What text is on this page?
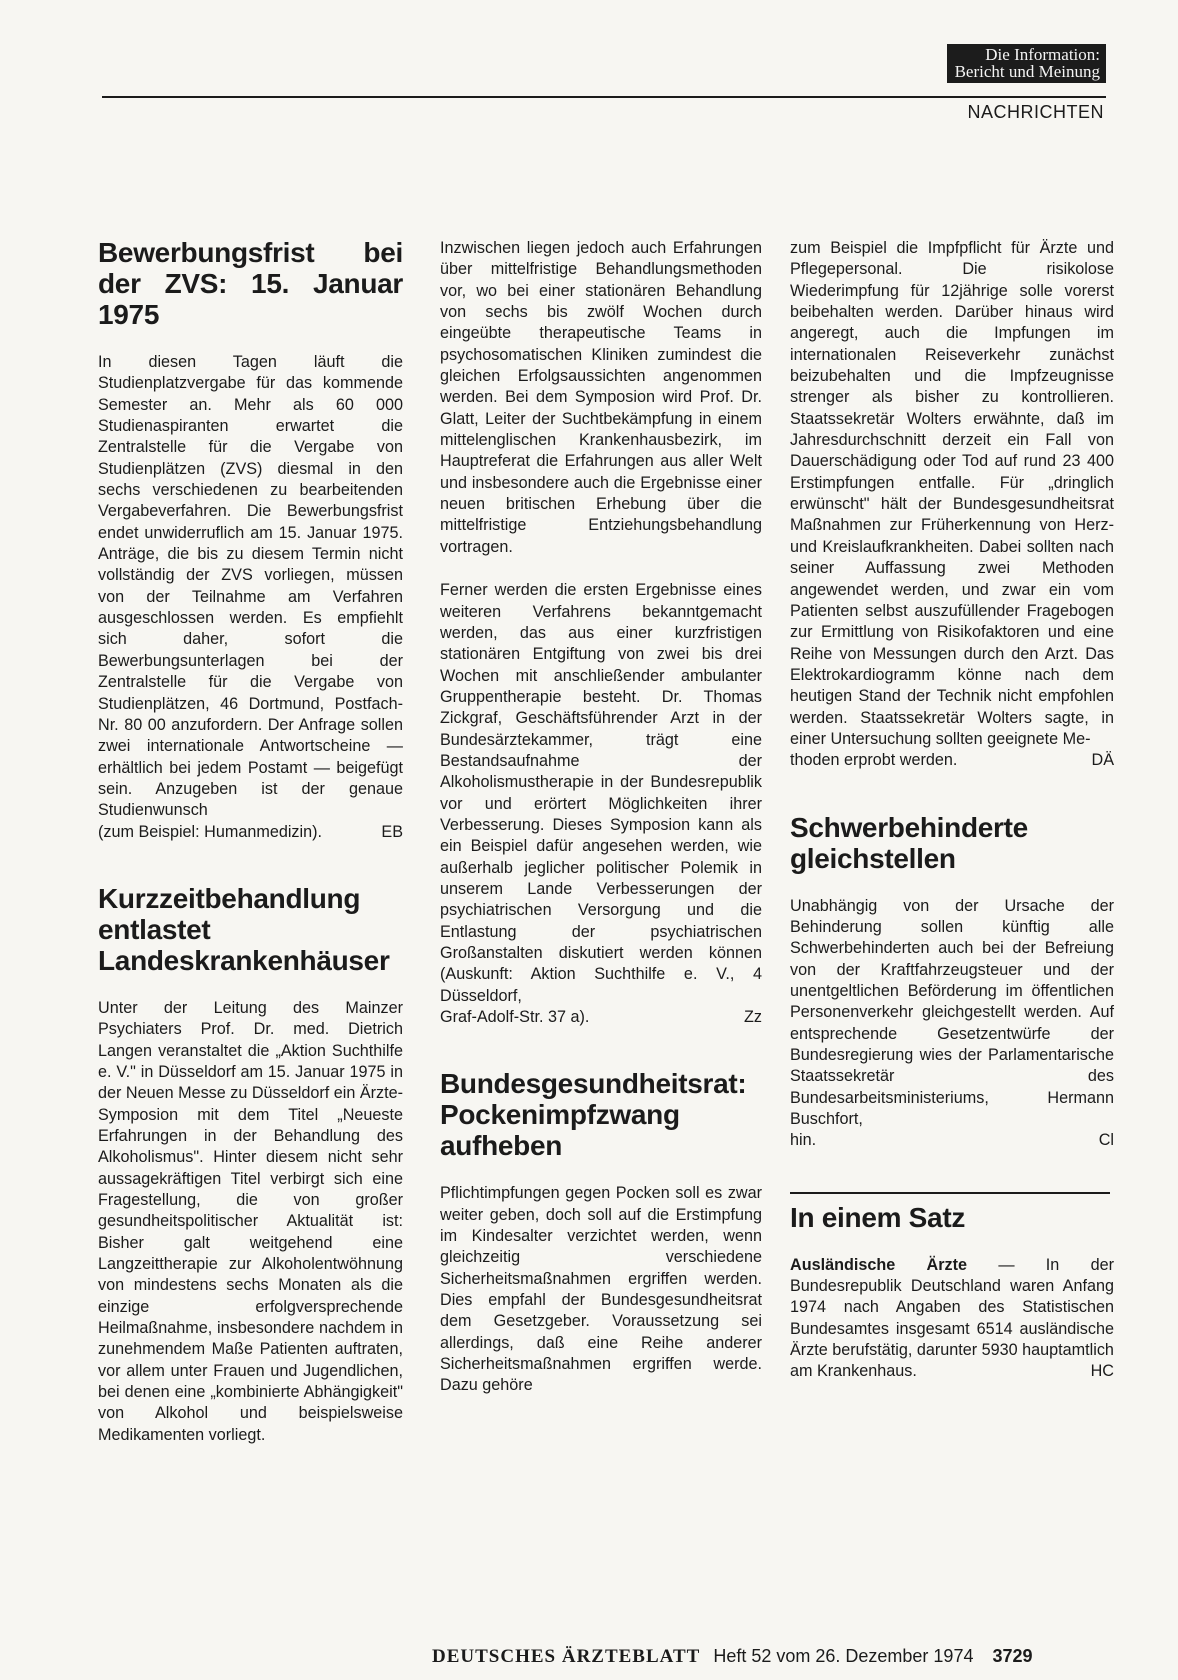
Die Information:
Bericht und Meinung
NACHRICHTEN
Bewerbungsfrist bei der ZVS: 15. Januar 1975

In diesen Tagen läuft die Studienplatzvergabe für das kommende Semester an. Mehr als 60 000 Studienaspiranten erwartet die Zentralstelle für die Vergabe von Studienplätzen (ZVS) diesmal in den sechs verschiedenen zu bearbeitenden Vergabeverfahren. Die Bewerbungsfrist endet unwiderruflich am 15. Januar 1975. Anträge, die bis zu diesem Termin nicht vollständig der ZVS vorliegen, müssen von der Teilnahme am Verfahren ausgeschlossen werden. Es empfiehlt sich daher, sofort die Bewerbungsunterlagen bei der Zentralstelle für die Vergabe von Studienplätzen, 46 Dortmund, Postfach-Nr. 80 00 anzufordern. Der Anfrage sollen zwei internationale Antwortscheine — erhältlich bei jedem Postamt — beigefügt sein. Anzugeben ist der genaue Studienwunsch

(zum Beispiel: Humanmedizin).	EB
Kurzzeitbehandlung entlastet Landeskrankenhäuser

Unter der Leitung des Mainzer Psychiaters Prof. Dr. med. Dietrich Langen veranstaltet die „Aktion Suchthilfe e. V." in Düsseldorf am 15. Januar 1975 in der Neuen Messe zu Düsseldorf ein Ärzte-Symposion mit dem Titel „Neueste Erfahrungen in der Behandlung des Alkoholismus". Hinter diesem nicht sehr aussagekräftigen Titel verbirgt sich eine Fragestellung, die von großer gesundheitspolitischer Aktualität ist: Bisher galt weitgehend eine Langzeittherapie zur Alkoholentwöhnung von mindestens sechs Monaten als die einzige erfolgversprechende Heilmaßnahme, insbesondere nachdem in zunehmendem Maße Patienten auftraten, vor allem unter Frauen und Jugendlichen, bei denen eine „kombinierte Abhängigkeit" von Alkohol und beispielsweise Medikamenten vorliegt.

Inzwischen liegen jedoch auch Erfahrungen über mittelfristige Behandlungsmethoden vor, wo bei einer stationären Behandlung von sechs bis zwölf Wochen durch eingeübte therapeutische Teams in psychosomatischen Kliniken zumindest die gleichen Erfolgsaussichten angenommen werden. Bei dem Symposion wird Prof. Dr. Glatt, Leiter der Suchtbekämpfung in einem mittelenglischen Krankenhausbezirk, im Hauptreferat die Erfahrungen aus aller Welt und insbesondere auch die Ergebnisse einer neuen britischen Erhebung über die mittelfristige Entziehungsbehandlung vortragen.

Ferner werden die ersten Ergebnisse eines weiteren Verfahrens bekanntgemacht werden, das aus einer kurzfristigen stationären Entgiftung von zwei bis drei Wochen mit anschließender ambulanter Gruppentherapie besteht. Dr. Thomas Zickgraf, Geschäftsführender Arzt in der Bundesärztekammer, trägt eine Bestandsaufnahme der Alkoholismustherapie in der Bundesrepublik vor und erörtert Möglichkeiten ihrer Verbesserung. Dieses Symposion kann als ein Beispiel dafür angesehen werden, wie außerhalb jeglicher politischer Polemik in unserem Lande Verbesserungen der psychiatrischen Versorgung und die Entlastung der psychiatrischen Großanstalten diskutiert werden können (Auskunft: Aktion Suchthilfe e. V., 4 Düsseldorf,

Graf-Adolf-Str. 37 a).	Zz
Bundesgesundheitsrat: Pockenimpfzwang aufheben

Pflichtimpfungen gegen Pocken soll es zwar weiter geben, doch soll auf die Erstimpfung im Kindesalter verzichtet werden, wenn gleichzeitig verschiedene Sicherheitsmaßnahmen ergriffen werden. Dies empfahl der Bundesgesundheitsrat dem Gesetzgeber. Voraussetzung sei allerdings, daß eine Reihe anderer Sicherheitsmaßnahmen ergriffen werde. Dazu gehöre

zum Beispiel die Impfpflicht für Ärzte und Pflegepersonal. Die risikolose Wiederimpfung für 12jährige solle vorerst beibehalten werden. Darüber hinaus wird angeregt, auch die Impfungen im internationalen Reiseverkehr zunächst beizubehalten und die Impfzeugnisse strenger als bisher zu kontrollieren. Staatssekretär Wolters erwähnte, daß im Jahresdurchschnitt derzeit ein Fall von Dauerschädigung oder Tod auf rund 23 400 Erstimpfungen entfalle. Für „dringlich erwünscht" hält der Bundesgesundheitsrat Maßnahmen zur Früherkennung von Herz- und Kreislaufkrankheiten. Dabei sollten nach seiner Auffassung zwei Methoden angewendet werden, und zwar ein vom Patienten selbst auszufüllender Fragebogen zur Ermittlung von Risikofaktoren und eine Reihe von Messungen durch den Arzt. Das Elektrokardiogramm könne nach dem heutigen Stand der Technik nicht empfohlen werden. Staatssekretär Wolters sagte, in einer Untersuchung sollten geeignete Me-

thoden erprobt werden.	DÄ
Schwerbehinderte gleichstellen

Unabhängig von der Ursache der Behinderung sollen künftig alle Schwerbehinderten auch bei der Befreiung von der Kraftfahrzeugsteuer und der unentgeltlichen Beförderung im öffentlichen Personenverkehr gleichgestellt werden. Auf entsprechende Gesetzentwürfe der Bundesregierung wies der Parlamentarische Staatssekretär des Bundesarbeitsministeriums, Hermann Buschfort,

hin.	Cl
In einem Satz

Ausländische Ärzte — In der Bundesrepublik Deutschland waren Anfang 1974 nach Angaben des Statistischen Bundesamtes insgesamt 6514 ausländische Ärzte berufstätig, darunter 5930 hauptamtlich

am Krankenhaus.	HC
DEUTSCHES ÄRZTEBLATT Heft 52 vom 26. Dezember 1974 3729
